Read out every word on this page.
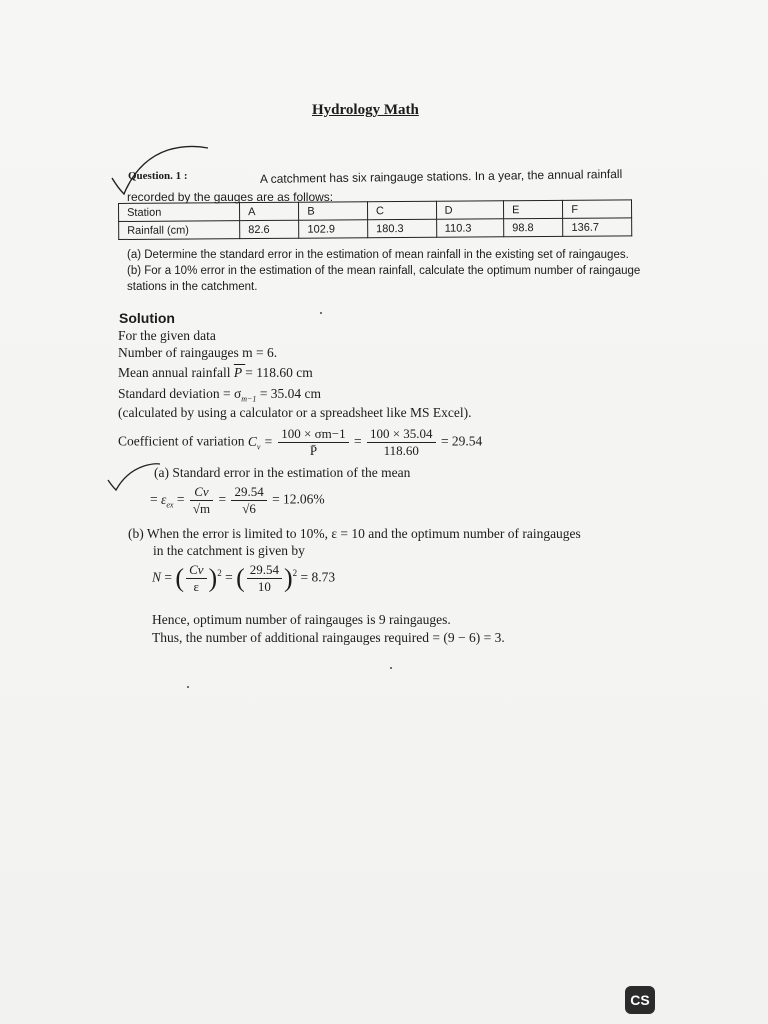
Hydrology Math
Question. 1 :	A catchment has six raingauge stations. In a year, the annual rainfall
recorded by the gauges are as follows:
Station	A	B	C	D	E	F
Rainfall (cm)	82.6	102.9	180.3	110.3	98.8	136.7
(a) Determine the standard error in the estimation of mean rainfall in the existing set of raingauges.
(b) For a 10% error in the estimation of the mean rainfall, calculate the optimum number of raingauge
stations in the catchment.
Solution
For the given data
Number of raingauges m = 6.
Mean annual rainfall P = 118.60 cm
Standard deviation = $\sigma_{m-1} = 35.04$ cm
(calculated by using a calculator or a spreadsheet like MS Excel).
Coefficient of variation $C_v = \frac{100 \times \sigma m-1}{P̄} = \frac{100 \times 35.04}{118.60} = 29.54$
(a) Standard error in the estimation of the mean
= $\varepsilon_{ex} = \frac{Cv}{√m} = \frac{29.54}{√6} = 12.06\%$
(b) When the error is limited to 10%, ε = 10 and the optimum number of raingauges
in the catchment is given by
N = ( $\frac{Cv}{\varepsilon} )^2$ = ( $\frac{29.54}{10} )^2 = 8.73$
Hence, optimum number of raingauges is 9 raingauges.
Thus, the number of additional raingauges required = (9 − 6) = 3.
CS
